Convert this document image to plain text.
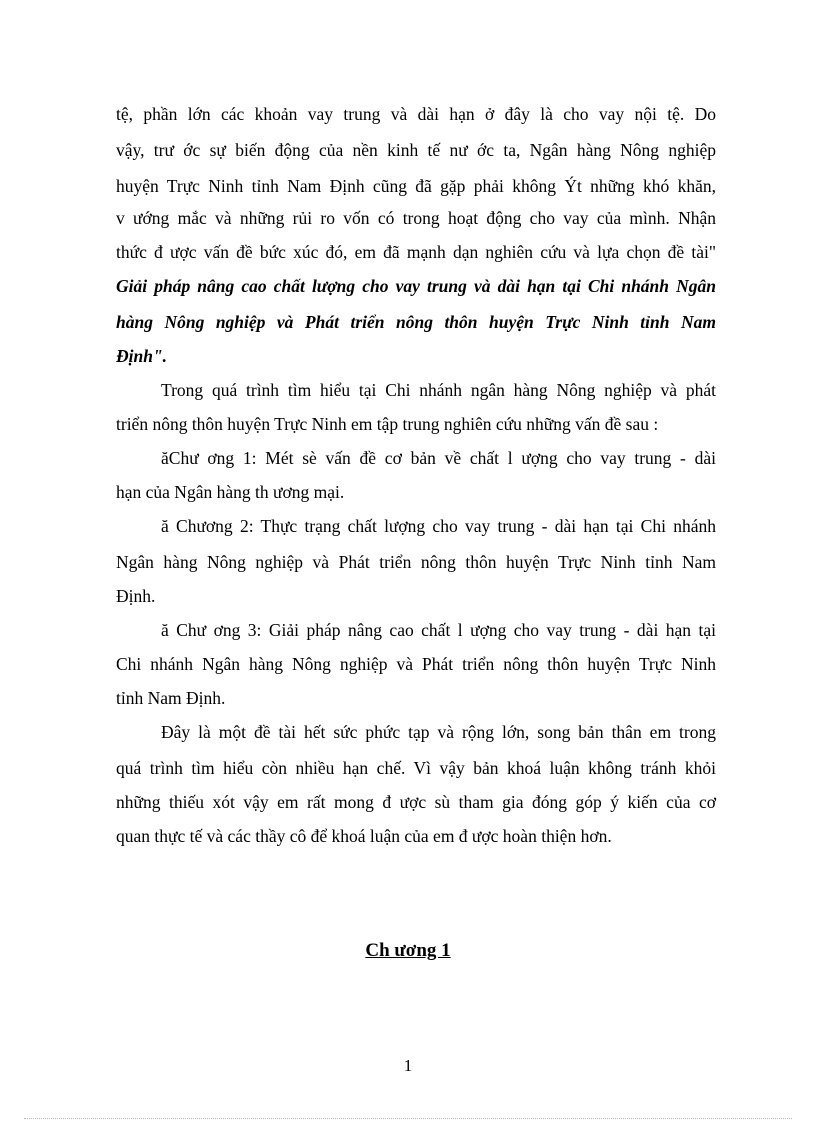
tệ, phần lớn các khoản vay trung và dài hạn ở đây là cho vay nội tệ. Do
vậy, trư ớc sự biến động của nền kinh tế nư ớc ta, Ngân hàng Nông nghiệp
huyện Trực Ninh tỉnh Nam Định cũng đã gặp phải không Ýt những khó khăn,
v ướng mắc và những rủi ro vốn có trong hoạt động cho vay của mình. Nhận
thức đ ược vấn đề bức xúc đó, em đã mạnh dạn nghiên cứu và lựa chọn đề tài"
Giải pháp nâng cao chất lượng cho vay trung và dài hạn tại Chi nhánh Ngân
hàng Nông nghiệp và Phát triển nông thôn huyện Trực Ninh tỉnh Nam
Định".
Trong quá trình tìm hiểu tại Chi nhánh ngân hàng Nông nghiệp và phát
triển nông thôn huyện Trực Ninh em tập trung nghiên cứu những vấn đề sau :
ăChư ơng 1: Mét sè vấn đề cơ bản về chất l ượng cho vay trung - dài
hạn của Ngân hàng th ương mại.
ă Chương 2: Thực trạng chất lượng cho vay trung - dài hạn tại Chi nhánh
Ngân hàng Nông nghiệp và Phát triển nông thôn huyện Trực Ninh tỉnh Nam
Định.
ă Chư ơng 3: Giải pháp nâng cao chất l ượng cho vay trung - dài hạn tại
Chi nhánh Ngân hàng Nông nghiệp và Phát triển nông thôn huyện Trực Ninh
tỉnh Nam Định.
Đây là một đề tài hết sức phức tạp và rộng lớn, song bản thân em trong
quá trình tìm hiểu còn nhiều hạn chế. Vì vậy bản khoá luận không tránh khỏi
những thiếu xót vậy em rất mong đ ược sù tham gia đóng góp ý kiến của cơ
quan thực tế và các thầy cô để khoá luận của em đ ược hoàn thiện hơn.
Ch ương 1
1
